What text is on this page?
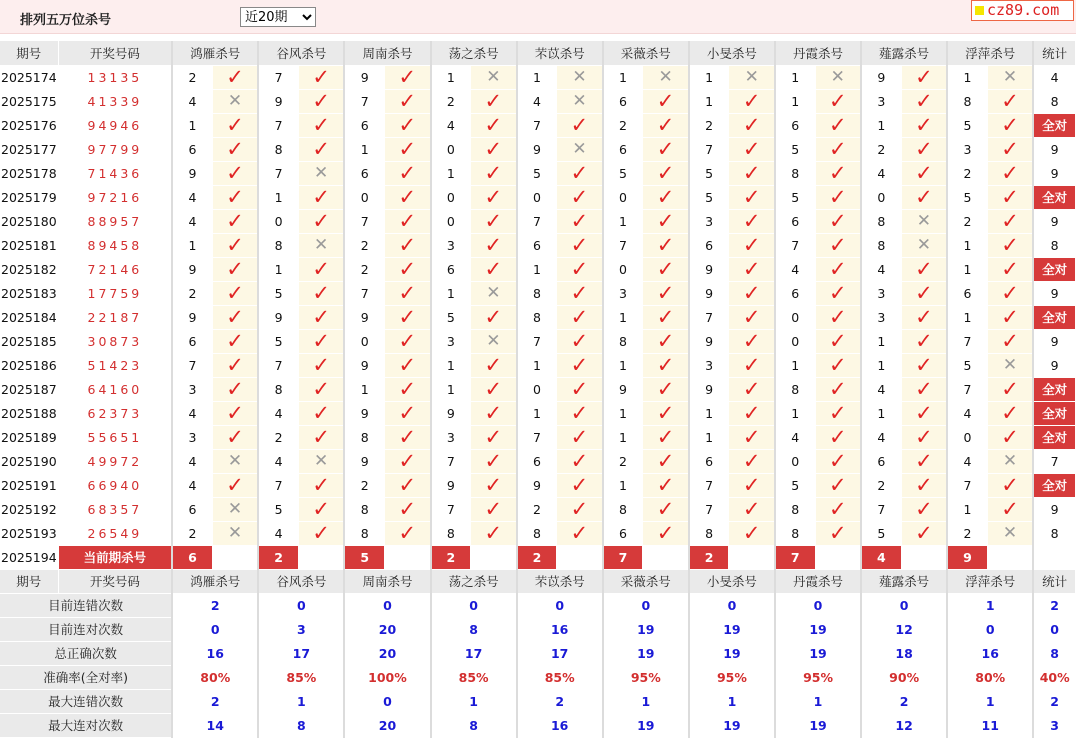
排列五万位杀号
近20期
cz89.com
期号	开奖号码	鸿雁杀号		谷风杀号		周南杀号		荡之杀号		芣苡杀号		采薇杀号		小旻杀号		丹霞杀号		薤露杀号		浮萍杀号		统计
2025174	13135	2	✓	7	✓	9	✓	1	✕	1	✕	1	✕	1	✕	1	✕	9	✓	1	✕	4
2025175	41339	4	✕	9	✓	7	✓	2	✓	4	✕	6	✓	1	✓	1	✓	3	✓	8	✓	8
2025176	94946	1	✓	7	✓	6	✓	4	✓	7	✓	2	✓	2	✓	6	✓	1	✓	5	✓	全对
2025177	97799	6	✓	8	✓	1	✓	0	✓	9	✕	6	✓	7	✓	5	✓	2	✓	3	✓	9
2025178	71436	9	✓	7	✕	6	✓	1	✓	5	✓	5	✓	5	✓	8	✓	4	✓	2	✓	9
2025179	97216	4	✓	1	✓	0	✓	0	✓	0	✓	0	✓	5	✓	5	✓	0	✓	5	✓	全对
2025180	88957	4	✓	0	✓	7	✓	0	✓	7	✓	1	✓	3	✓	6	✓	8	✕	2	✓	9
2025181	89458	1	✓	8	✕	2	✓	3	✓	6	✓	7	✓	6	✓	7	✓	8	✕	1	✓	8
2025182	72146	9	✓	1	✓	2	✓	6	✓	1	✓	0	✓	9	✓	4	✓	4	✓	1	✓	全对
2025183	17759	2	✓	5	✓	7	✓	1	✕	8	✓	3	✓	9	✓	6	✓	3	✓	6	✓	9
2025184	22187	9	✓	9	✓	9	✓	5	✓	8	✓	1	✓	7	✓	0	✓	3	✓	1	✓	全对
2025185	30873	6	✓	5	✓	0	✓	3	✕	7	✓	8	✓	9	✓	0	✓	1	✓	7	✓	9
2025186	51423	7	✓	7	✓	9	✓	1	✓	1	✓	1	✓	3	✓	1	✓	1	✓	5	✕	9
2025187	64160	3	✓	8	✓	1	✓	1	✓	0	✓	9	✓	9	✓	8	✓	4	✓	7	✓	全对
2025188	62373	4	✓	4	✓	9	✓	9	✓	1	✓	1	✓	1	✓	1	✓	1	✓	4	✓	全对
2025189	55651	3	✓	2	✓	8	✓	3	✓	7	✓	1	✓	1	✓	4	✓	4	✓	0	✓	全对
2025190	49972	4	✕	4	✕	9	✓	7	✓	6	✓	2	✓	6	✓	0	✓	6	✓	4	✕	7
2025191	66940	4	✓	7	✓	2	✓	9	✓	9	✓	1	✓	7	✓	5	✓	2	✓	7	✓	全对
2025192	68357	6	✕	5	✓	8	✓	7	✓	2	✓	8	✓	7	✓	8	✓	7	✓	1	✓	9
2025193	26549	2	✕	4	✓	8	✓	8	✓	8	✓	6	✓	8	✓	8	✓	5	✓	2	✕	8
2025194	当前期杀号	6		2		5		2		2		7		2		7		4		9		
期号	开奖号码	鸿雁杀号		谷风杀号		周南杀号		荡之杀号		芣苡杀号		采薇杀号		小旻杀号		丹霞杀号		薤露杀号		浮萍杀号		统计
目前连错次数		2		0		0		0		0		0		0		0		0		1		2
目前连对次数		0		3		20		8		16		19		19		19		12		0		0
总正确次数		16		17		20		17		17		19		19		19		18		16		8
准确率(全对率)		80%		85%		100%		85%		85%		95%		95%		95%		90%		80%		40%
最大连错次数		2		1		0		1		2		1		1		1		2		1		2
最大连对次数		14		8		20		8		16		19		19		19		12		11		3
